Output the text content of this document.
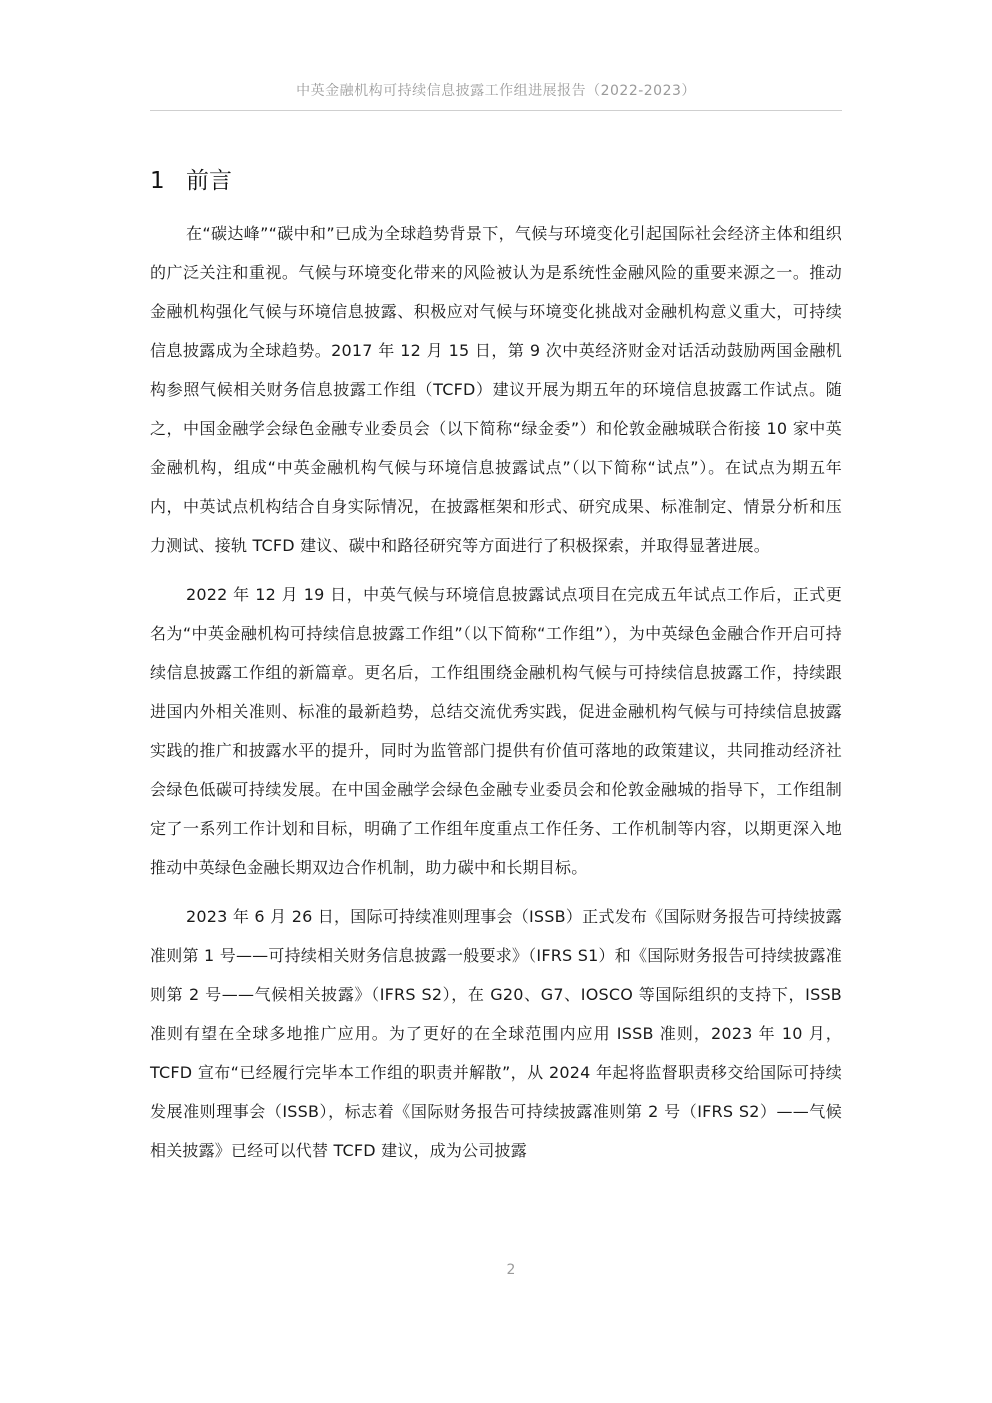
中英金融机构可持续信息披露工作组进展报告（2022-2023）
1 前言

在“碳达峰”“碳中和”已成为全球趋势背景下，气候与环境变化引起国际社会经济主体和组织的广泛关注和重视。气候与环境变化带来的风险被认为是系统性金融风险的重要来源之一。推动金融机构强化气候与环境信息披露、积极应对气候与环境变化挑战对金融机构意义重大，可持续信息披露成为全球趋势。2017 年 12 月 15 日，第 9 次中英经济财金对话活动鼓励两国金融机构参照气候相关财务信息披露工作组（TCFD）建议开展为期五年的环境信息披露工作试点。随之，中国金融学会绿色金融专业委员会（以下简称“绿金委”）和伦敦金融城联合衔接 10 家中英金融机构，组成“中英金融机构气候与环境信息披露试点”（以下简称“试点”）。在试点为期五年内，中英试点机构结合自身实际情况，在披露框架和形式、研究成果、标准制定、情景分析和压力测试、接轨 TCFD 建议、碳中和路径研究等方面进行了积极探索，并取得显著进展。

2022 年 12 月 19 日，中英气候与环境信息披露试点项目在完成五年试点工作后，正式更名为“中英金融机构可持续信息披露工作组”（以下简称“工作组”），为中英绿色金融合作开启可持续信息披露工作组的新篇章。更名后，工作组围绕金融机构气候与可持续信息披露工作，持续跟进国内外相关准则、标准的最新趋势，总结交流优秀实践，促进金融机构气候与可持续信息披露实践的推广和披露水平的提升，同时为监管部门提供有价值可落地的政策建议，共同推动经济社会绿色低碳可持续发展。在中国金融学会绿色金融专业委员会和伦敦金融城的指导下，工作组制定了一系列工作计划和目标，明确了工作组年度重点工作任务、工作机制等内容，以期更深入地推动中英绿色金融长期双边合作机制，助力碳中和长期目标。

2023 年 6 月 26 日，国际可持续准则理事会（ISSB）正式发布《国际财务报告可持续披露准则第 1 号——可持续相关财务信息披露一般要求》（IFRS S1）和《国际财务报告可持续披露准则第 2 号——气候相关披露》（IFRS S2），在 G20、G7、IOSCO 等国际组织的支持下，ISSB 准则有望在全球多地推广应用。为了更好的在全球范围内应用 ISSB 准则，2023 年 10 月，TCFD 宣布“已经履行完毕本工作组的职责并解散”，从 2024 年起将监督职责移交给国际可持续发展准则理事会（ISSB），标志着《国际财务报告可持续披露准则第 2 号（IFRS S2）——气候相关披露》已经可以代替 TCFD 建议，成为公司披露

2
